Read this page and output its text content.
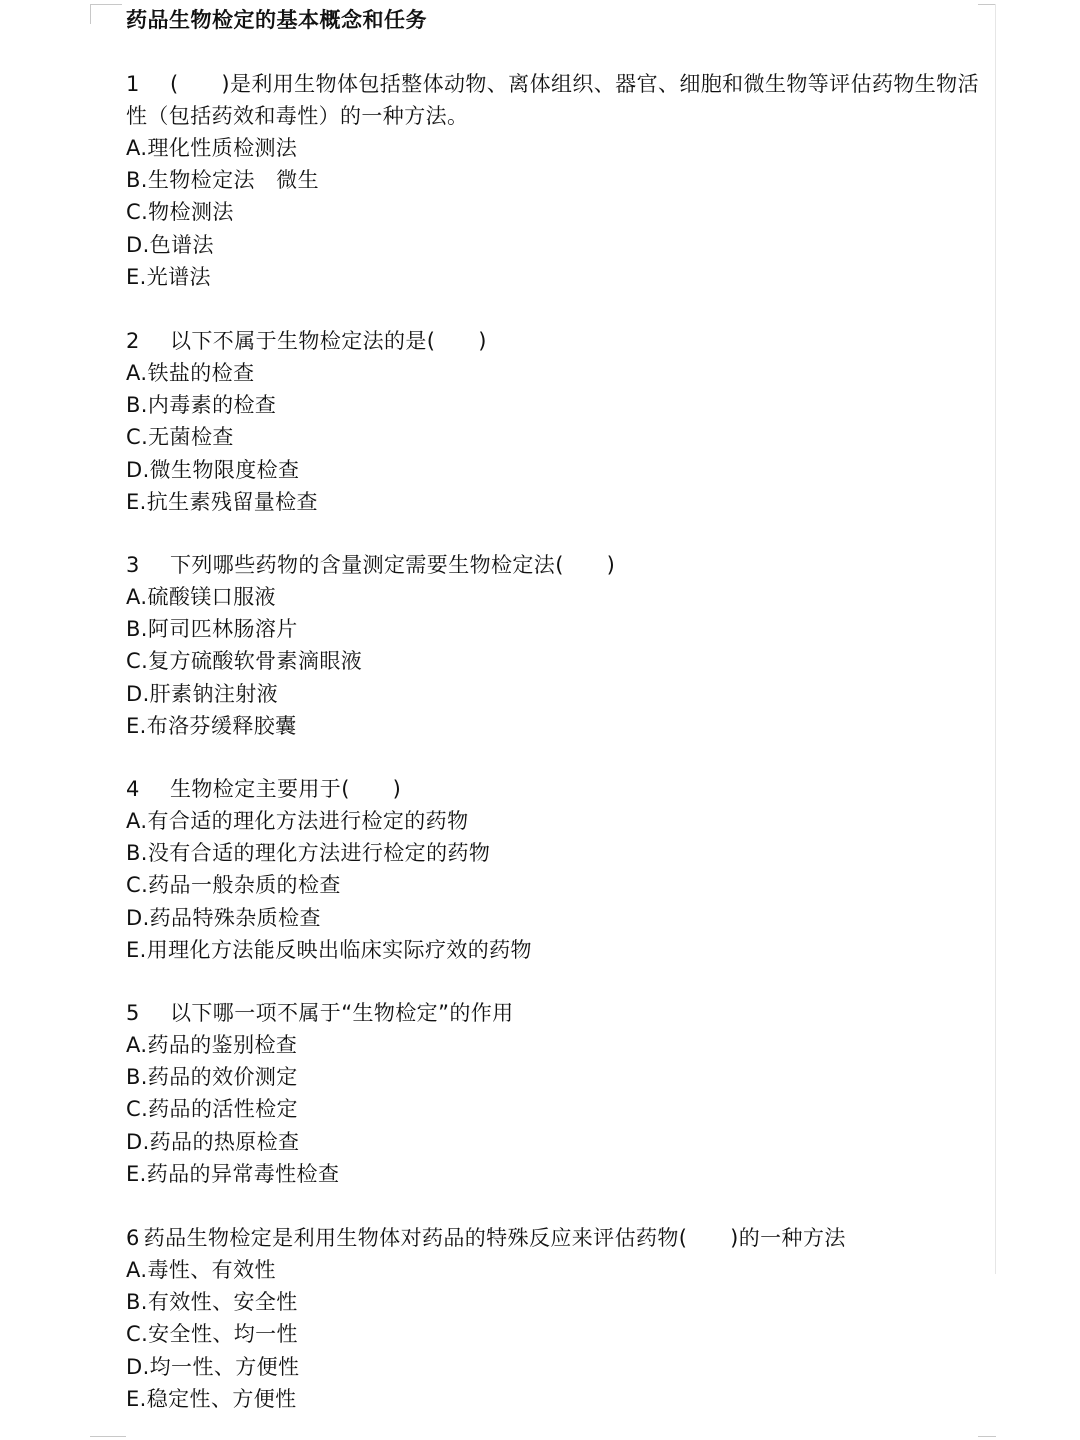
药品生物检定的基本概念和任务
1 (　　)是利用生物体包括整体动物、离体组织、器官、细胞和微生物等评估药物生物活性（包括药效和毒性）的一种方法。
A.理化性质检测法
B.生物检定法　微生
C.物检测法
D.色谱法
E.光谱法
2 以下不属于生物检定法的是(　　)
A.铁盐的检查
B.内毒素的检查
C.无菌检查
D.微生物限度检查
E.抗生素残留量检查
3 下列哪些药物的含量测定需要生物检定法(　　)
A.硫酸镁口服液
B.阿司匹林肠溶片
C.复方硫酸软骨素滴眼液
D.肝素钠注射液
E.布洛芬缓释胶囊
4 生物检定主要用于(　　)
A.有合适的理化方法进行检定的药物
B.没有合适的理化方法进行检定的药物
C.药品一般杂质的检查
D.药品特殊杂质检查
E.用理化方法能反映出临床实际疗效的药物
5 以下哪一项不属于“生物检定”的作用
A.药品的鉴别检查
B.药品的效价测定
C.药品的活性检定
D.药品的热原检查
E.药品的异常毒性检查
6 药品生物检定是利用生物体对药品的特殊反应来评估药物(　　)的一种方法
A.毒性、有效性
B.有效性、安全性
C.安全性、均一性
D.均一性、方便性
E.稳定性、方便性
